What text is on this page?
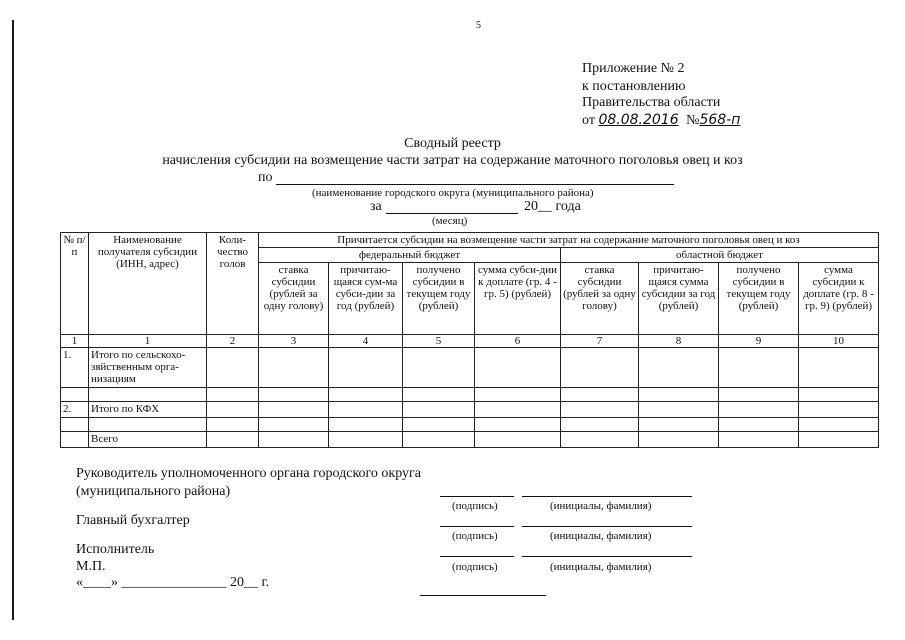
5
Приложение № 2
к постановлению
Правительства области
от 08.08.2016 №568-п
Сводный реестр
начисления субсидии на возмещение части затрат на содержание маточного поголовья овец и коз
по
(наименование городского округа (муниципального района)
за	20__ года
(месяц)
№ п/п	Наименование получателя субсидии (ИНН, адрес)	Коли-чество голов	Причитается субсидии на возмещение части затрат на содержание маточного поголовья овец и коз							
			федеральный бюджет				областной бюджет			
			ставка субсидии (рублей за одну голову)	причитаю-щаяся сум-ма субси-дии за год (рублей)	получено субсидии в текущем году (рублей)	сумма субси-дии к доплате (гр. 4 - гр. 5) (рублей)	ставка субсидии (рублей за одну голову)	причитаю-щаяся сумма субсидии за год (рублей)	получено субсидии в текущем году (рублей)	сумма субсидии к доплате (гр. 8 - гр. 9) (рублей)
1	1	2	3	4	5	6	7	8	9	10
1.	Итого по сельскохо-зяйственным орга-низациям									

2.	Итого по КФХ									

	Всего									
Руководитель уполномоченного органа городского округа
(муниципального района)
(подпись)	(инициалы, фамилия)
Главный бухгалтер
(подпись)	(инициалы, фамилия)
Исполнитель
М.П.	(подпись)	(инициалы, фамилия)
«____» _______________ 20__ г.
